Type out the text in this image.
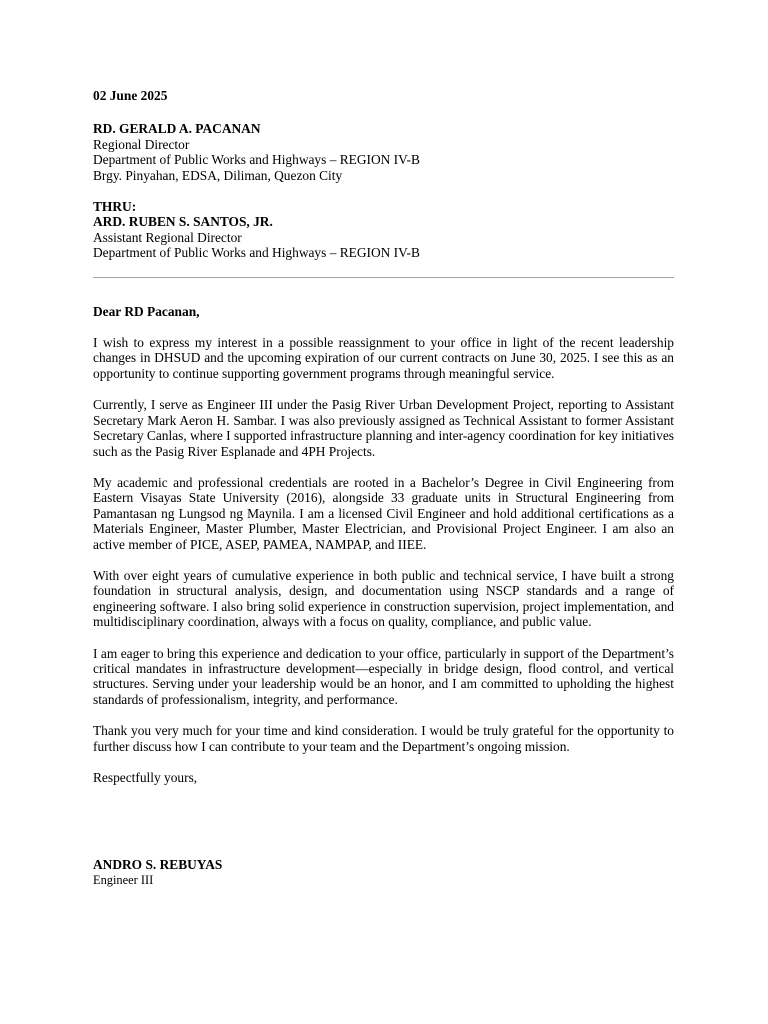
02 June 2025
RD. GERALD A. PACANAN
Regional Director
Department of Public Works and Highways – REGION IV-B
Brgy. Pinyahan, EDSA, Diliman, Quezon City
THRU:
ARD. RUBEN S. SANTOS, JR.
Assistant Regional Director
Department of Public Works and Highways – REGION IV-B
Dear RD Pacanan,

I wish to express my interest in a possible reassignment to your office in light of the recent leadership changes in DHSUD and the upcoming expiration of our current contracts on June 30, 2025. I see this as an opportunity to continue supporting government programs through meaningful service.

Currently, I serve as Engineer III under the Pasig River Urban Development Project, reporting to Assistant Secretary Mark Aeron H. Sambar. I was also previously assigned as Technical Assistant to former Assistant Secretary Canlas, where I supported infrastructure planning and inter-agency coordination for key initiatives such as the Pasig River Esplanade and 4PH Projects.

My academic and professional credentials are rooted in a Bachelor’s Degree in Civil Engineering from Eastern Visayas State University (2016), alongside 33 graduate units in Structural Engineering from Pamantasan ng Lungsod ng Maynila. I am a licensed Civil Engineer and hold additional certifications as a Materials Engineer, Master Plumber, Master Electrician, and Provisional Project Engineer. I am also an active member of PICE, ASEP, PAMEA, NAMPAP, and IIEE.

With over eight years of cumulative experience in both public and technical service, I have built a strong foundation in structural analysis, design, and documentation using NSCP standards and a range of engineering software. I also bring solid experience in construction supervision, project implementation, and multidisciplinary coordination, always with a focus on quality, compliance, and public value.

I am eager to bring this experience and dedication to your office, particularly in support of the Department’s critical mandates in infrastructure development—especially in bridge design, flood control, and vertical structures. Serving under your leadership would be an honor, and I am committed to upholding the highest standards of professionalism, integrity, and performance.

Thank you very much for your time and kind consideration. I would be truly grateful for the opportunity to further discuss how I can contribute to your team and the Department’s ongoing mission.

Respectfully yours,
ANDRO S. REBUYAS
Engineer III
